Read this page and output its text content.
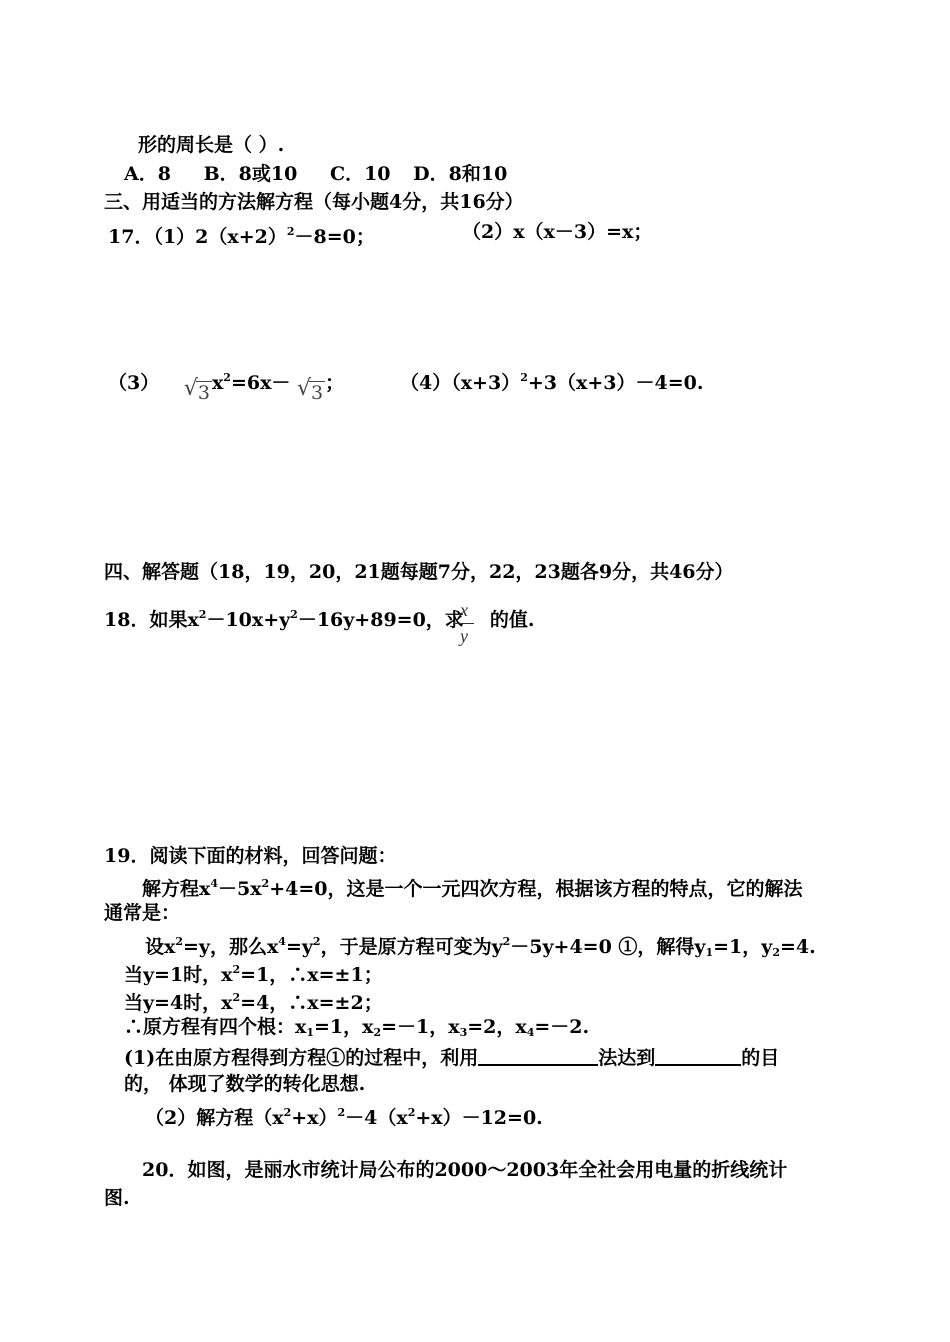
形的周长是（ ）.
A．8 B．8或10 C．10 D．8和10
三、用适当的方法解方程（每小题4分，共16分）
17．$(1)2(x+2)^2-8=0$；	（2）x（x－3）=x；
（3） √ 3 $x^2=6x-$ √ 3 ；	$(4)(x+3)^2+3(x+3)-4=0$.
四、解答题（18，19，20，21题每题7分，22，23题各9分，共46分）
18．如果$x^2-10x+y^2-16y+89=0$，求 的值.
x
y
19．阅读下面的材料，回答问题：
解方程$x^4-5x^2+4=0$，这是一个一元四次方程，根据该方程的特点，它的解法
通常是：
设$x^2=y$，那么$x^4=y^2$，于是原方程可变为$y^2-5y+4=0$ ①，解得$y_1=1$，$y_2=4$.
当y=1时，$x^2=1$，∴x=±1；
当y=4时，$x^2=4$，∴x=±2；
∴原方程有四个根：$x_1=1$，$x_2=-1$，$x_3=2$，$x_4=-2$.
(1)在由原方程得到方程①的过程中，利用	法达到	的目
的， 体现了数学的转化思想.
（2）解方程$(x^2+x)^2-4(x^2+x)-12=0$.
20．如图，是丽水市统计局公布的2000～2003年全社会用电量的折线统计
图.
